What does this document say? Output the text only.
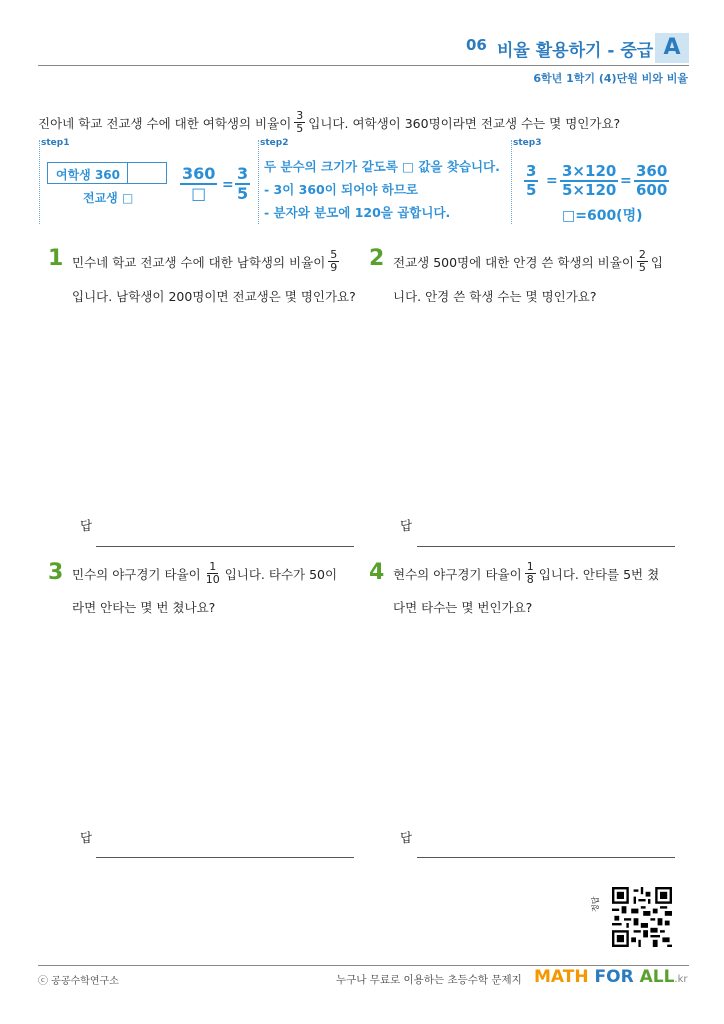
06 비율 활용하기 - 중급 A
6학년 1학기 (4)단원 비와 비율
진아네 학교 전교생 수에 대한 여학생의 비율이 $\frac{3}{5}$ 입니다. 여학생이 360명이라면 전교생 수는 몇 명인가요?
step1	step2	step3
여학생 360
전교생 □
360
□ = $\frac{3}{5}$ 두 분수의 크기가 같도록 □ 값을 찾습니다.
- 3이 360이 되어야 하므로
- 분자와 분모에 120을 곱합니다.
$\frac{3}{5} = \frac{3\times 120}{5\times 120} = \frac{360}{600}$
□=600(명)
1 민수네 학교 전교생 수에 대한 남학생의 비율이 $\frac{5}{9}$
입니다. 남학생이 200명이면 전교생은 몇 명인가요?
답
2 전교생 500명에 대한 안경 쓴 학생의 비율이 $\frac{2}{5}$ 입
니다. 안경 쓴 학생 수는 몇 명인가요?
답
3 민수의 야구경기 타율이 $\frac{1}{10}$ 입니다. 타수가 50이
라면 안타는 몇 번 쳤나요?
답
4 현수의 야구경기 타율이 $\frac{1}{8}$ 입니다. 안타를 5번 쳤
다면 타수는 몇 번인가요?
답
정답
ⓒ 공공수학연구소	누구나 무료로 이용하는 초등수학 문제지 MATH FOR ALL.kr
